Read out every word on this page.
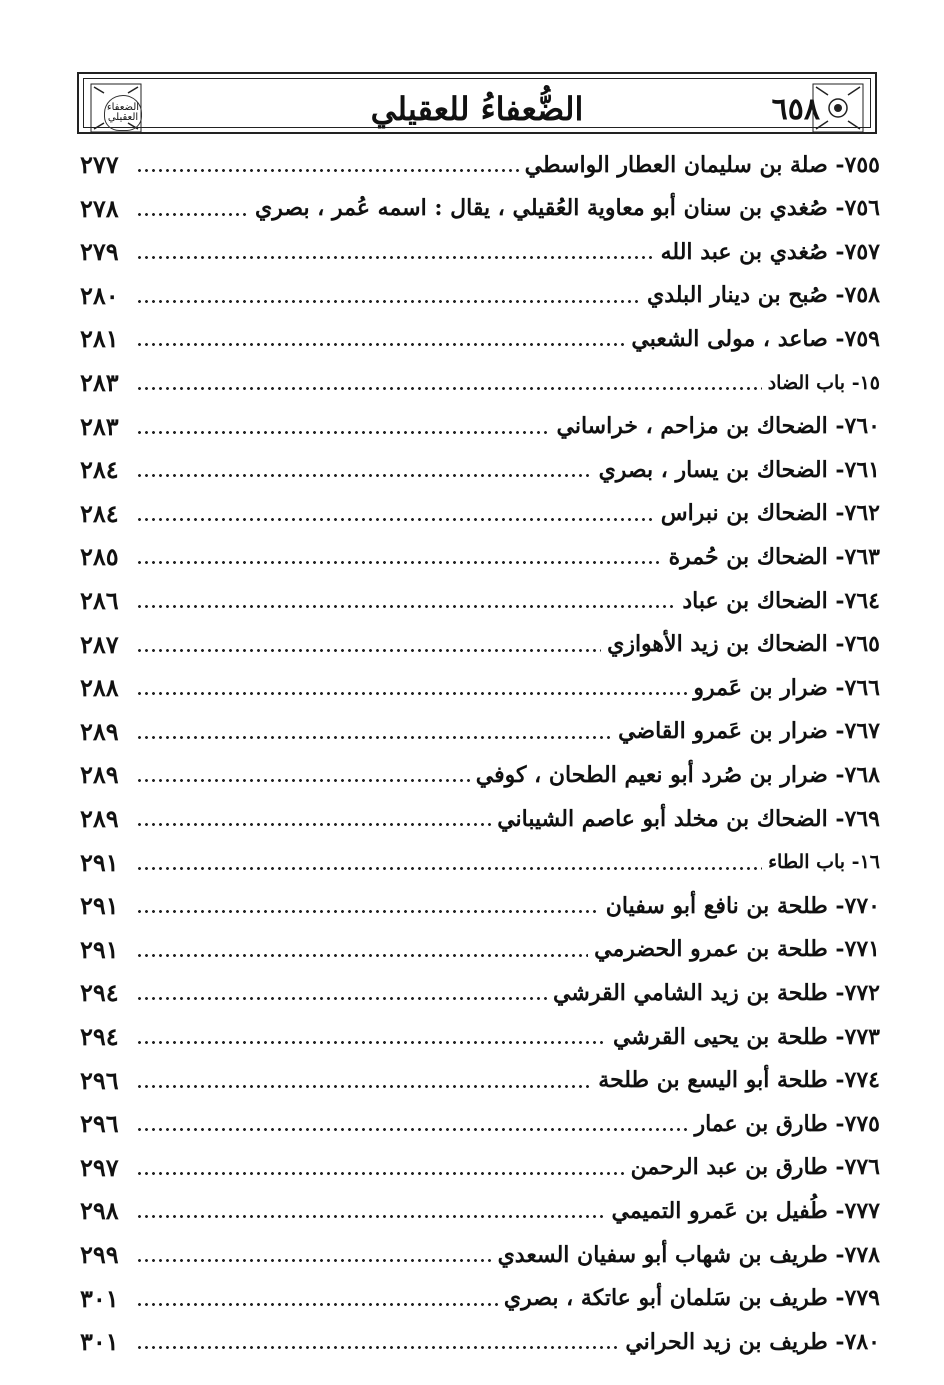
الضعفاء العقيلي	الضُّعفاءُ للعقيلي	٦٥٨
٧٥٥- صلة بن سليمان العطار الواسطي
٢٧٧
٧٥٦- صُغدي بن سنان أبو معاوية العُقيلي ، يقال : اسمه عُمر ، بصري
٢٧٨
٧٥٧- صُغدي بن عبد الله
٢٧٩
٧٥٨- صُبح بن دينار البلدي
٢٨٠
٧٥٩- صاعد ، مولى الشعبي
٢٨١
١٥- باب الضاد
٢٨٣
٧٦٠- الضحاك بن مزاحم ، خراساني
٢٨٣
٧٦١- الضحاك بن يسار ، بصري
٢٨٤
٧٦٢- الضحاك بن نبراس
٢٨٤
٧٦٣- الضحاك بن حُمرة
٢٨٥
٧٦٤- الضحاك بن عباد
٢٨٦
٧٦٥- الضحاك بن زيد الأهوازي
٢٨٧
٧٦٦- ضرار بن عَمرو
٢٨٨
٧٦٧- ضرار بن عَمرو القاضي
٢٨٩
٧٦٨- ضرار بن صُرد أبو نعيم الطحان ، كوفي
٢٨٩
٧٦٩- الضحاك بن مخلد أبو عاصم الشيباني
٢٨٩
١٦- باب الطاء
٢٩١
٧٧٠- طلحة بن نافع أبو سفيان
٢٩١
٧٧١- طلحة بن عمرو الحضرمي
٢٩١
٧٧٢- طلحة بن زيد الشامي القرشي
٢٩٤
٧٧٣- طلحة بن يحيى القرشي
٢٩٤
٧٧٤- طلحة أبو اليسع بن طلحة
٢٩٦
٧٧٥- طارق بن عمار
٢٩٦
٧٧٦- طارق بن عبد الرحمن
٢٩٧
٧٧٧- طُفيل بن عَمرو التميمي
٢٩٨
٧٧٨- طريف بن شهاب أبو سفيان السعدي
٢٩٩
٧٧٩- طريف بن سَلمان أبو عاتكة ، بصري
٣٠١
٧٨٠- طريف بن زيد الحراني
٣٠١
